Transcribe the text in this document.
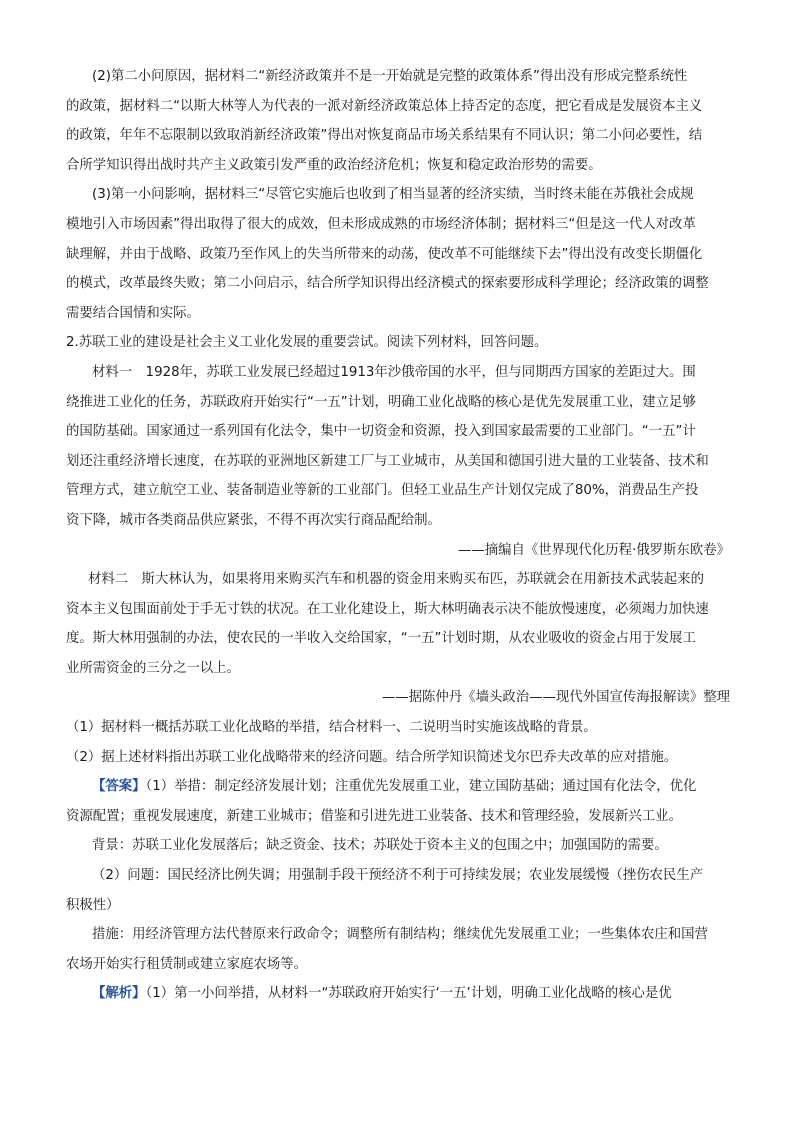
(2)第二小问原因，据材料二“新经济政策并不是一开始就是完整的政策体系”得出没有形成完整系统性
的政策，据材料二“以斯大林等人为代表的一派对新经济政策总体上持否定的态度，把它看成是发展资本主义
的政策，年年不忘限制以致取消新经济政策”得出对恢复商品市场关系结果有不同认识；第二小问必要性，结
合所学知识得出战时共产主义政策引发严重的政治经济危机；恢复和稳定政治形势的需要。
(3)第一小问影响，据材料三“尽管它实施后也收到了相当显著的经济实绩，当时终未能在苏俄社会成规
模地引入市场因素”得出取得了很大的成效，但未形成成熟的市场经济体制；据材料三“但是这一代人对改革
缺理解，并由于战略、政策乃至作风上的失当所带来的动荡，使改革不可能继续下去”得出没有改变长期僵化
的模式，改革最终失败；第二小问启示，结合所学知识得出经济模式的探索要形成科学理论；经济政策的调整
需要结合国情和实际。
2.苏联工业的建设是社会主义工业化发展的重要尝试。阅读下列材料，回答问题。
材料一　1928年，苏联工业发展已经超过1913年沙俄帝国的水平，但与同期西方国家的差距过大。围
绕推进工业化的任务，苏联政府开始实行“一五”计划，明确工业化战略的核心是优先发展重工业，建立足够
的国防基础。国家通过一系列国有化法令，集中一切资金和资源，投入到国家最需要的工业部门。“一五”计
划还注重经济增长速度，在苏联的亚洲地区新建工厂与工业城市，从美国和德国引进大量的工业装备、技术和
管理方式，建立航空工业、装备制造业等新的工业部门。但轻工业品生产计划仅完成了80%，消费品生产投
资下降，城市各类商品供应紧张，不得不再次实行商品配给制。
——摘编自《世界现代化历程·俄罗斯东欧卷》
材料二　斯大林认为，如果将用来购买汽车和机器的资金用来购买布匹，苏联就会在用新技术武装起来的
资本主义包围面前处于手无寸铁的状况。在工业化建设上，斯大林明确表示决不能放慢速度，必须竭力加快速
度。斯大林用强制的办法，使农民的一半收入交给国家，“一五”计划时期，从农业吸收的资金占用于发展工
业所需资金的三分之一以上。
——据陈仲丹《墙头政治——现代外国宣传海报解读》整理
（1）据材料一概括苏联工业化战略的举措，结合材料一、二说明当时实施该战略的背景。
（2）据上述材料指出苏联工业化战略带来的经济问题。结合所学知识简述戈尔巴乔夫改革的应对措施。
【答案】（1）举措：制定经济发展计划；注重优先发展重工业，建立国防基础；通过国有化法令，优化
资源配置；重视发展速度，新建工业城市；借鉴和引进先进工业装备、技术和管理经验，发展新兴工业。
背景：苏联工业化发展落后；缺乏资金、技术；苏联处于资本主义的包围之中；加强国防的需要。
（2）问题：国民经济比例失调；用强制手段干预经济不利于可持续发展；农业发展缓慢（挫伤农民生产
积极性）
措施：用经济管理方法代替原来行政命令；调整所有制结构；继续优先发展重工业；一些集体农庄和国营
农场开始实行租赁制或建立家庭农场等。
【解析】（1）第一小问举措，从材料一“苏联政府开始实行‘一五’计划，明确工业化战略的核心是优
